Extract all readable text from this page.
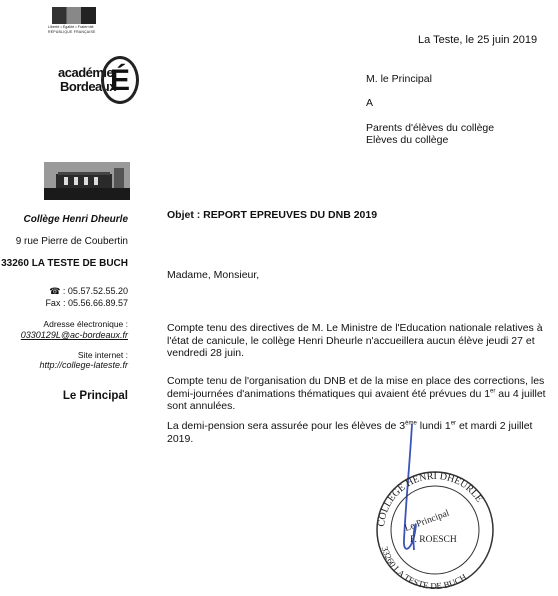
Liberté • Égalité • Fraternité
RÉPUBLIQUE FRANÇAISE
académie
Bordeaux
É
La Teste, le 25 juin 2019
M. le Principal
A
Parents d'élèves du collège
Elèves du collège
Collège Henri Dheurle
9 rue Pierre de Coubertin
33260 LA TESTE DE BUCH
☎ : 05.57.52.55.20
Fax : 05.56.66.89.57
Adresse électronique :
0330129L@ac-bordeaux.fr
Site internet :
http://college-lateste.fr
Le Principal
Objet : REPORT EPREUVES DU DNB 2019
Madame, Monsieur,
Compte tenu des directives de M. Le Ministre de l'Education nationale relatives à l'état de canicule, le collège Henri Dheurle n'accueillera aucun élève jeudi 27 et vendredi 28 juin.
Compte tenu de l'organisation du DNB et de la mise en place des corrections, les demi-journées d'animations thématiques qui avaient été prévues du 1er au 4 juillet sont annulées.
La demi-pension sera assurée pour les élèves de 3ème lundi 1er et mardi 2 juillet 2019.
COLLEGE HENRI DHEURLE
33260 LA TESTE DE BUCH
Le Principal
F. ROESCH
